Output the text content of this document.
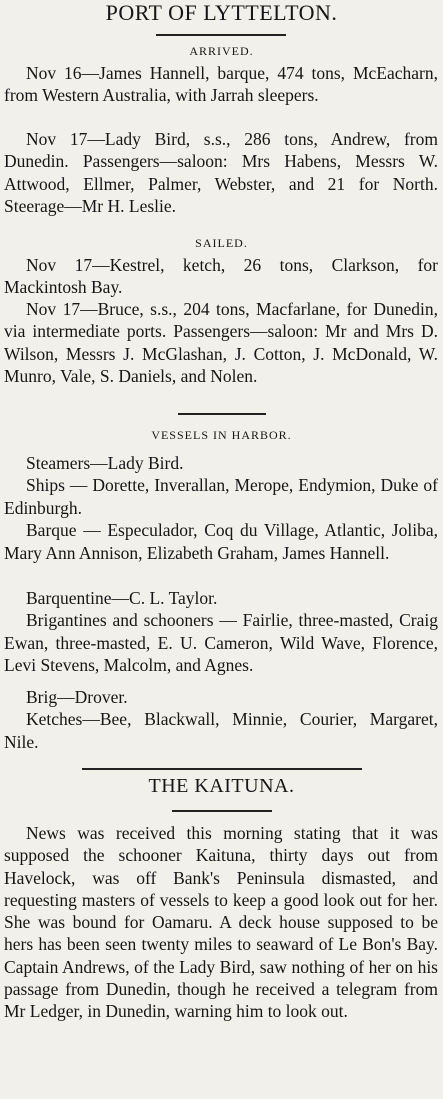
PORT OF LYTTELTON.
ARRIVED.

Nov 16—James Hannell, barque, 474 tons, McEacharn, from Western Australia, with Jarrah sleepers.

Nov 17—Lady Bird, s.s., 286 tons, Andrew, from Dunedin. Passengers—saloon: Mrs Habens, Messrs W. Attwood, Ellmer, Palmer, Webster, and 21 for North. Steerage—Mr H. Leslie.

SAILED.

Nov 17—Kestrel, ketch, 26 tons, Clarkson, for Mackintosh Bay.

Nov 17—Bruce, s.s., 204 tons, Macfarlane, for Dunedin, via intermediate ports. Passengers—saloon: Mr and Mrs D. Wilson, Messrs J. McGlashan, J. Cotton, J. McDonald, W. Munro, Vale, S. Daniels, and Nolen.

VESSELS IN HARBOR.

Steamers—Lady Bird.

Ships — Dorette, Inverallan, Merope, Endymion, Duke of Edinburgh.

Barque — Especulador, Coq du Village, Atlantic, Joliba, Mary Ann Annison, Elizabeth Graham, James Hannell.

Barquentine—C. L. Taylor.

Brigantines and schooners — Fairlie, three-masted, Craig Ewan, three-masted, E. U. Cameron, Wild Wave, Florence, Levi Stevens, Malcolm, and Agnes.

Brig—Drover.

Ketches—Bee, Blackwall, Minnie, Courier, Margaret, Nile.

THE KAITUNA.

News was received this morning stating that it was supposed the schooner Kaituna, thirty days out from Havelock, was off Bank's Peninsula dismasted, and requesting masters of vessels to keep a good look out for her. She was bound for Oamaru. A deck house supposed to be hers has been seen twenty miles to seaward of Le Bon's Bay. Captain Andrews, of the Lady Bird, saw nothing of her on his passage from Dunedin, though he received a telegram from Mr Ledger, in Dunedin, warning him to look out.
